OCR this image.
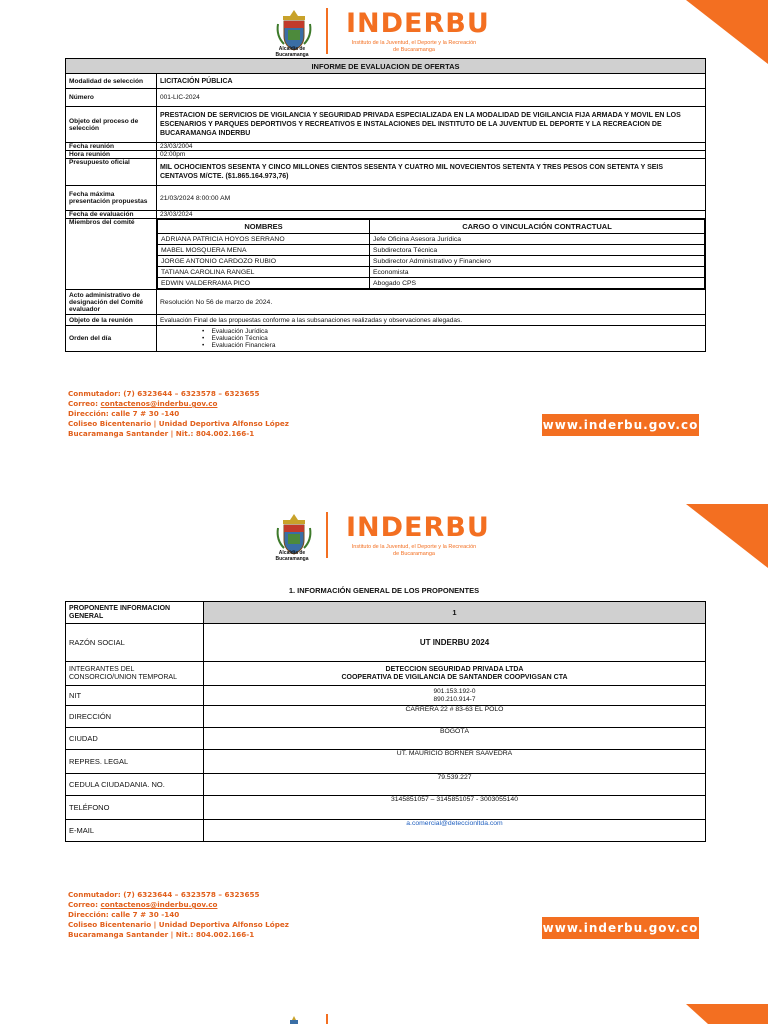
Alcaldía de Bucaramanga
INDERBU
Instituto de la Juventud, el Deporte y la Recreación de Bucaramanga
INFORME DE EVALUACION DE OFERTAS
Modalidad de selección	LICITACIÓN PÚBLICA
Número	001-LIC-2024
Objeto del proceso de selección	PRESTACION DE SERVICIOS DE VIGILANCIA Y SEGURIDAD PRIVADA ESPECIALIZADA EN LA MODALIDAD DE VIGILANCIA FIJA ARMADA Y MOVIL EN LOS ESCENARIOS Y PARQUES DEPORTIVOS Y RECREATIVOS E INSTALACIONES DEL INSTITUTO DE LA JUVENTUD EL DEPORTE Y LA RECREACION DE BUCARAMANGA INDERBU
Fecha reunión	23/03/2004
Hora reunión	02:00pm
Presupuesto oficial	MIL OCHOCIENTOS SESENTA Y CINCO MILLONES CIENTOS SESENTA Y CUATRO MIL NOVECIENTOS SETENTA Y TRES PESOS CON SETENTA Y SEIS CENTAVOS M/CTE. ($1.865.164.973,76)
Fecha máxima presentación propuestas	21/03/2024 8:00:00 AM
Fecha de evaluación	23/03/2024
Miembros del comité		NOMBRES	CARGO O VINCULACIÓN CONTRACTUAL
ADRIANA PATRICIA HOYOS SERRANO	Jefe Oficina Asesora Jurídica
MABEL MOSQUERA MENA	Subdirectora Técnica
JORGE ANTONIO CARDOZO RUBIO	Subdirector Administrativo y Financiero
TATIANA CAROLINA RANGEL	Economista
EDWIN VALDERRAMA PICO	Abogado CPS

Acto administrativo de designación del Comité evaluador	Resolución No 56 de marzo de 2024.
Objeto de la reunión	Evaluación Final de las propuestas conforme a las subsanaciones realizadas y observaciones allegadas.
Orden del día	
•    Evaluación Jurídica
•    Evaluación Técnica
•    Evaluación Financiera
Conmutador: (7) 6323644 – 6323578 – 6323655
Correo: contactenos@inderbu.gov.co
Dirección: calle 7 # 30 -140
Coliseo Bicentenario | Unidad Deportiva Alfonso López
Bucaramanga Santander | Nit.: 804.002.166-1
www.inderbu.gov.co
Alcaldía de Bucaramanga
INDERBU
Instituto de la Juventud, el Deporte y la Recreación de Bucaramanga
1. INFORMACIÓN GENERAL DE LOS PROPONENTES
PROPONENTE INFORMACION GENERAL	1
RAZÓN SOCIAL	UT INDERBU 2024
INTEGRANTES DEL CONSORCIO/UNION TEMPORAL	DETECCION SEGURIDAD PRIVADA LTDA
COOPERATIVA DE VIGILANCIA DE SANTANDER COOPVIGSAN CTA

NIT	901.153.192-0
890.210.914-7

DIRECCIÓN	CARRERA 22 # 83-63 EL POLO
CIUDAD	BOGOTÁ
REPRES. LEGAL	UT. MAURICIO BORNER SAAVEDRA
CEDULA CIUDADANIA. NO.	79.539.227
TELÉFONO	3145851057 – 3145851057 - 3003055140
E-MAIL	a.comercial@deteccionltda.com
Conmutador: (7) 6323644 – 6323578 – 6323655
Correo: contactenos@inderbu.gov.co
Dirección: calle 7 # 30 -140
Coliseo Bicentenario | Unidad Deportiva Alfonso López
Bucaramanga Santander | Nit.: 804.002.166-1	www.inderbu.gov.co
